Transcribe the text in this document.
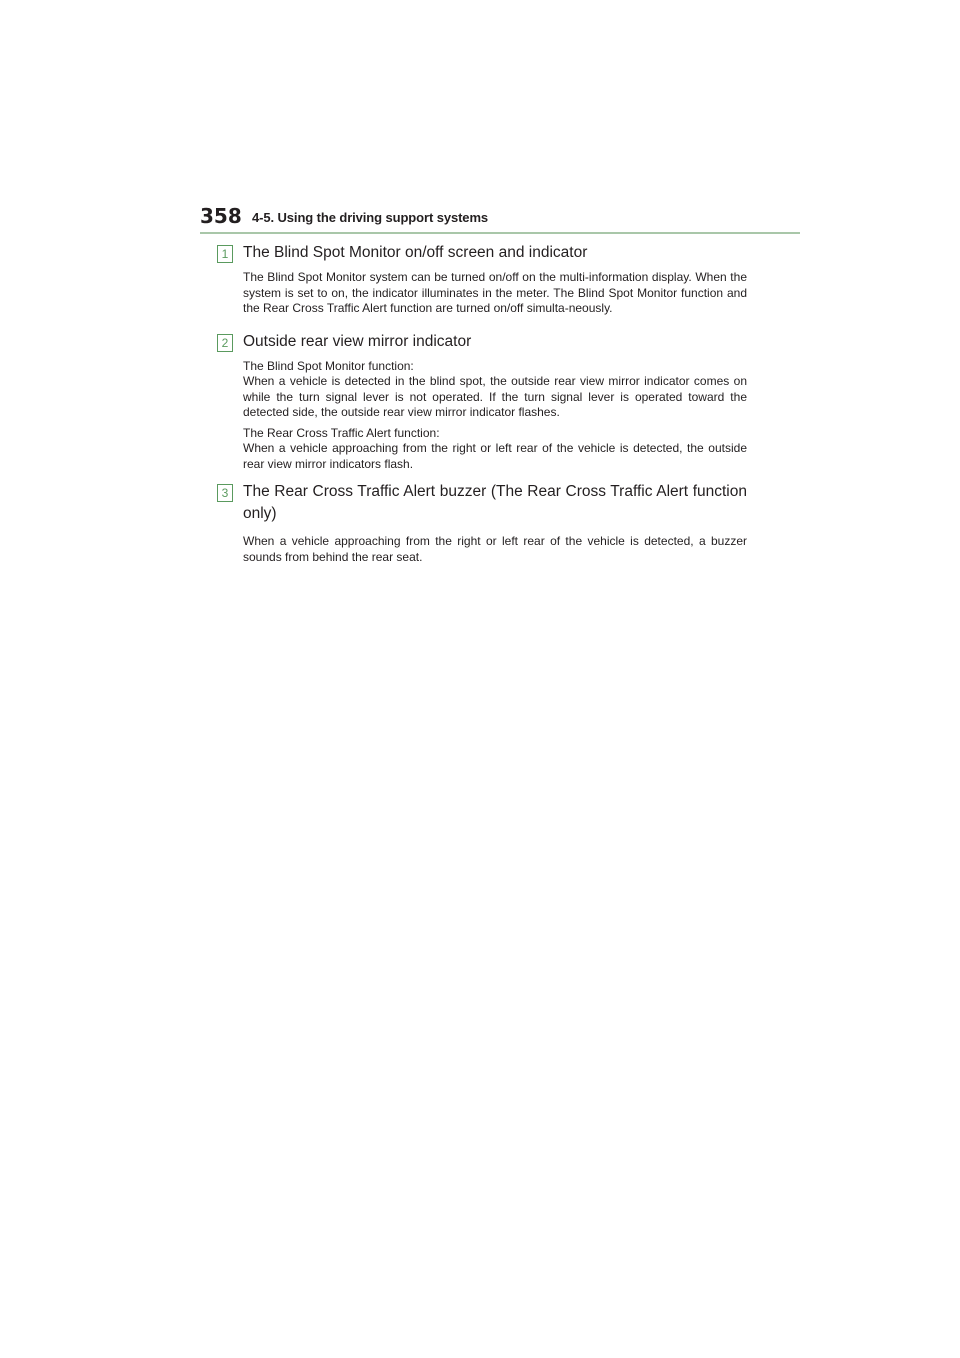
358 4-5. Using the driving support systems
1 The Blind Spot Monitor on/off screen and indicator

The Blind Spot Monitor system can be turned on/off on the multi-information display. When the system is set to on, the indicator illuminates in the meter. The Blind Spot Monitor function and the Rear Cross Traffic Alert function are turned on/off simulta-neously.

2 Outside rear view mirror indicator

The Blind Spot Monitor function:

When a vehicle is detected in the blind spot, the outside rear view mirror indicator comes on while the turn signal lever is not operated. If the turn signal lever is operated toward the detected side, the outside rear view mirror indicator flashes.

The Rear Cross Traffic Alert function:

When a vehicle approaching from the right or left rear of the vehicle is detected, the outside rear view mirror indicators flash.

3 The Rear Cross Traffic Alert buzzer (The Rear Cross Traffic Alert function only)

When a vehicle approaching from the right or left rear of the vehicle is detected, a buzzer sounds from behind the rear seat.
